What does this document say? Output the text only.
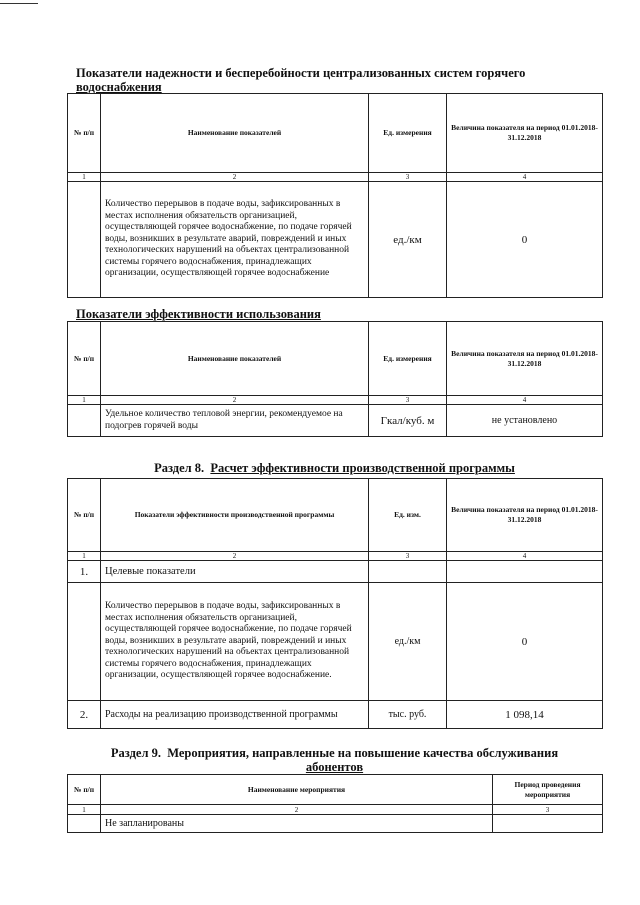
Показатели надежности и бесперебойности централизованных систем горячего
водоснабжения
№ п/п	Наименование показателей	Ед. измерения	Величина показателя на период 01.01.2018-31.12.2018
1	2	3	4
	Количество перерывов в подаче воды, зафиксированных в местах исполнения обязательств организацией, осуществляющей горячее водоснабжение, по подаче горячей воды, возникших в результате аварий, повреждений и иных технологических нарушений на объектах централизованной системы горячего водоснабжения, принадлежащих организации, осуществляющей горячее водоснабжение	ед./км	0
Показатели эффективности использования
№ п/п	Наименование показателей	Ед. измерения	Величина показателя на период 01.01.2018-31.12.2018
1	2	3	4
	Удельное количество тепловой энергии, рекомендуемое на подогрев горячей воды	Гкал/куб. м	не установлено
Раздел 8. Расчет эффективности производственной программы
№ п/п	Показатели эффективности производственной программы	Ед. изм.	Величина показателя на период 01.01.2018-31.12.2018
1	2	3	4
1.	Целевые показатели		
	Количество перерывов в подаче воды, зафиксированных в местах исполнения обязательств организацией, осуществляющей горячее водоснабжение, по подаче горячей воды, возникших в результате аварий, повреждений и иных технологических нарушений на объектах централизованной системы горячего водоснабжения, принадлежащих организации, осуществляющей горячее водоснабжение.	ед./км	0
2.	Расходы на реализацию производственной программы	тыс. руб.	1 098,14
Раздел 9. Мероприятия, направленные на повышение качества обслуживания
абонентов
№ п/п	Наименование мероприятия	Период проведения мероприятия
1	2	3
	Не запланированы	
